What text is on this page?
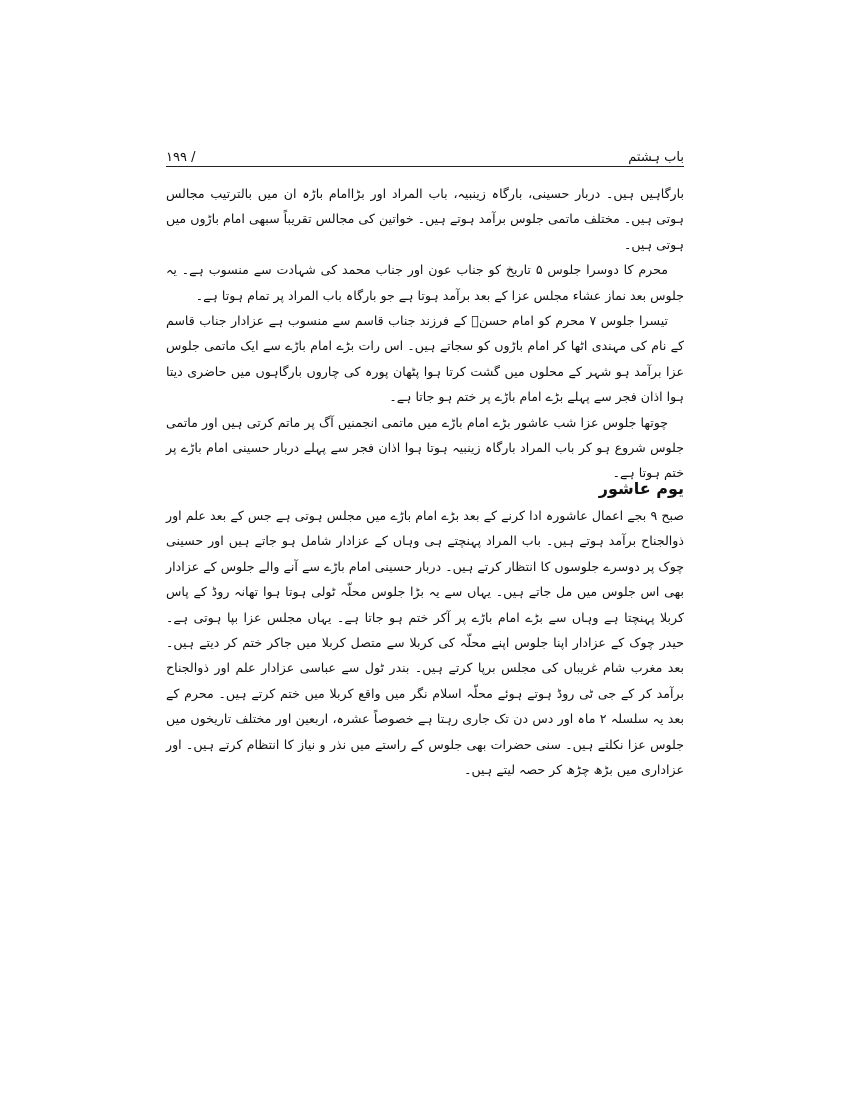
باب ہشتم
/ ۱۹۹

بارگاہیں ہیں۔ دربار حسینی، بارگاہ زینبیہ، باب المراد اور بڑاامام باڑہ ان میں بالترتیب مجالس ہوتی ہیں۔ مختلف ماتمی جلوس برآمد ہوتے ہیں۔ خواتین کی مجالس تقریباً سبھی امام باڑوں میں ہوتی ہیں۔

محرم کا دوسرا جلوس ۵ تاریخ کو جناب عون اور جناب محمد کی شہادت سے منسوب ہے۔ یہ جلوس بعد نماز عشاء مجلس عزا کے بعد برآمد ہوتا ہے جو بارگاہ باب المراد پر تمام ہوتا ہے۔

تیسرا جلوس ۷ محرم کو امام حسنؑ کے فرزند جناب قاسم سے منسوب ہے عزادار جناب قاسم کے نام کی مہندی اٹھا کر امام باڑوں کو سجاتے ہیں۔ اس رات بڑے امام باڑے سے ایک ماتمی جلوس عزا برآمد ہو شہر کے محلوں میں گشت کرتا ہوا پٹھان پورہ کی چاروں بارگاہوں میں حاضری دیتا ہوا اذان فجر سے پہلے بڑے امام باڑے پر ختم ہو جاتا ہے۔

چوتھا جلوس عزا شب عاشور بڑے امام باڑے میں ماتمی انجمنیں آگ پر ماتم کرتی ہیں اور ماتمی جلوس شروع ہو کر باب المراد بارگاہ زینبیہ ہوتا ہوا اذان فجر سے پہلے دربار حسینی امام باڑے پر ختم ہوتا ہے۔

یوم عاشور

صبح ۹ بجے اعمال عاشورہ ادا کرنے کے بعد بڑے امام باڑے میں مجلس ہوتی ہے جس کے بعد علم اور ذوالجناح برآمد ہوتے ہیں۔ باب المراد پہنچتے ہی وہاں کے عزادار شامل ہو جاتے ہیں اور حسینی چوک پر دوسرے جلوسوں کا انتظار کرتے ہیں۔ دربار حسینی امام باڑے سے آنے والے جلوس کے عزادار بھی اس جلوس میں مل جاتے ہیں۔ یہاں سے یہ بڑا جلوس محلّہ ٹولی ہوتا ہوا تھانہ روڈ کے پاس کربلا پہنچتا ہے وہاں سے بڑے امام باڑے پر آکر ختم ہو جاتا ہے۔ یہاں مجلس عزا بپا ہوتی ہے۔ حیدر چوک کے عزادار اپنا جلوس اپنے محلّہ کی کربلا سے متصل کربلا میں جاکر ختم کر دیتے ہیں۔ بعد مغرب شام غریباں کی مجلس برپا کرتے ہیں۔ بندر ٹول سے عباسی عزادار علم اور ذوالجناح برآمد کر کے جی ٹی روڈ ہوتے ہوئے محلّہ اسلام نگر میں واقع کربلا میں ختم کرتے ہیں۔ محرم کے بعد یہ سلسلہ ۲ ماہ اور دس دن تک جاری رہتا ہے خصوصاً عشرہ، اربعین اور مختلف تاریخوں میں جلوس عزا نکلتے ہیں۔ سنی حضرات بھی جلوس کے راستے میں نذر و نیاز کا انتظام کرتے ہیں۔ اور عزاداری میں بڑھ چڑھ کر حصہ لیتے ہیں۔
